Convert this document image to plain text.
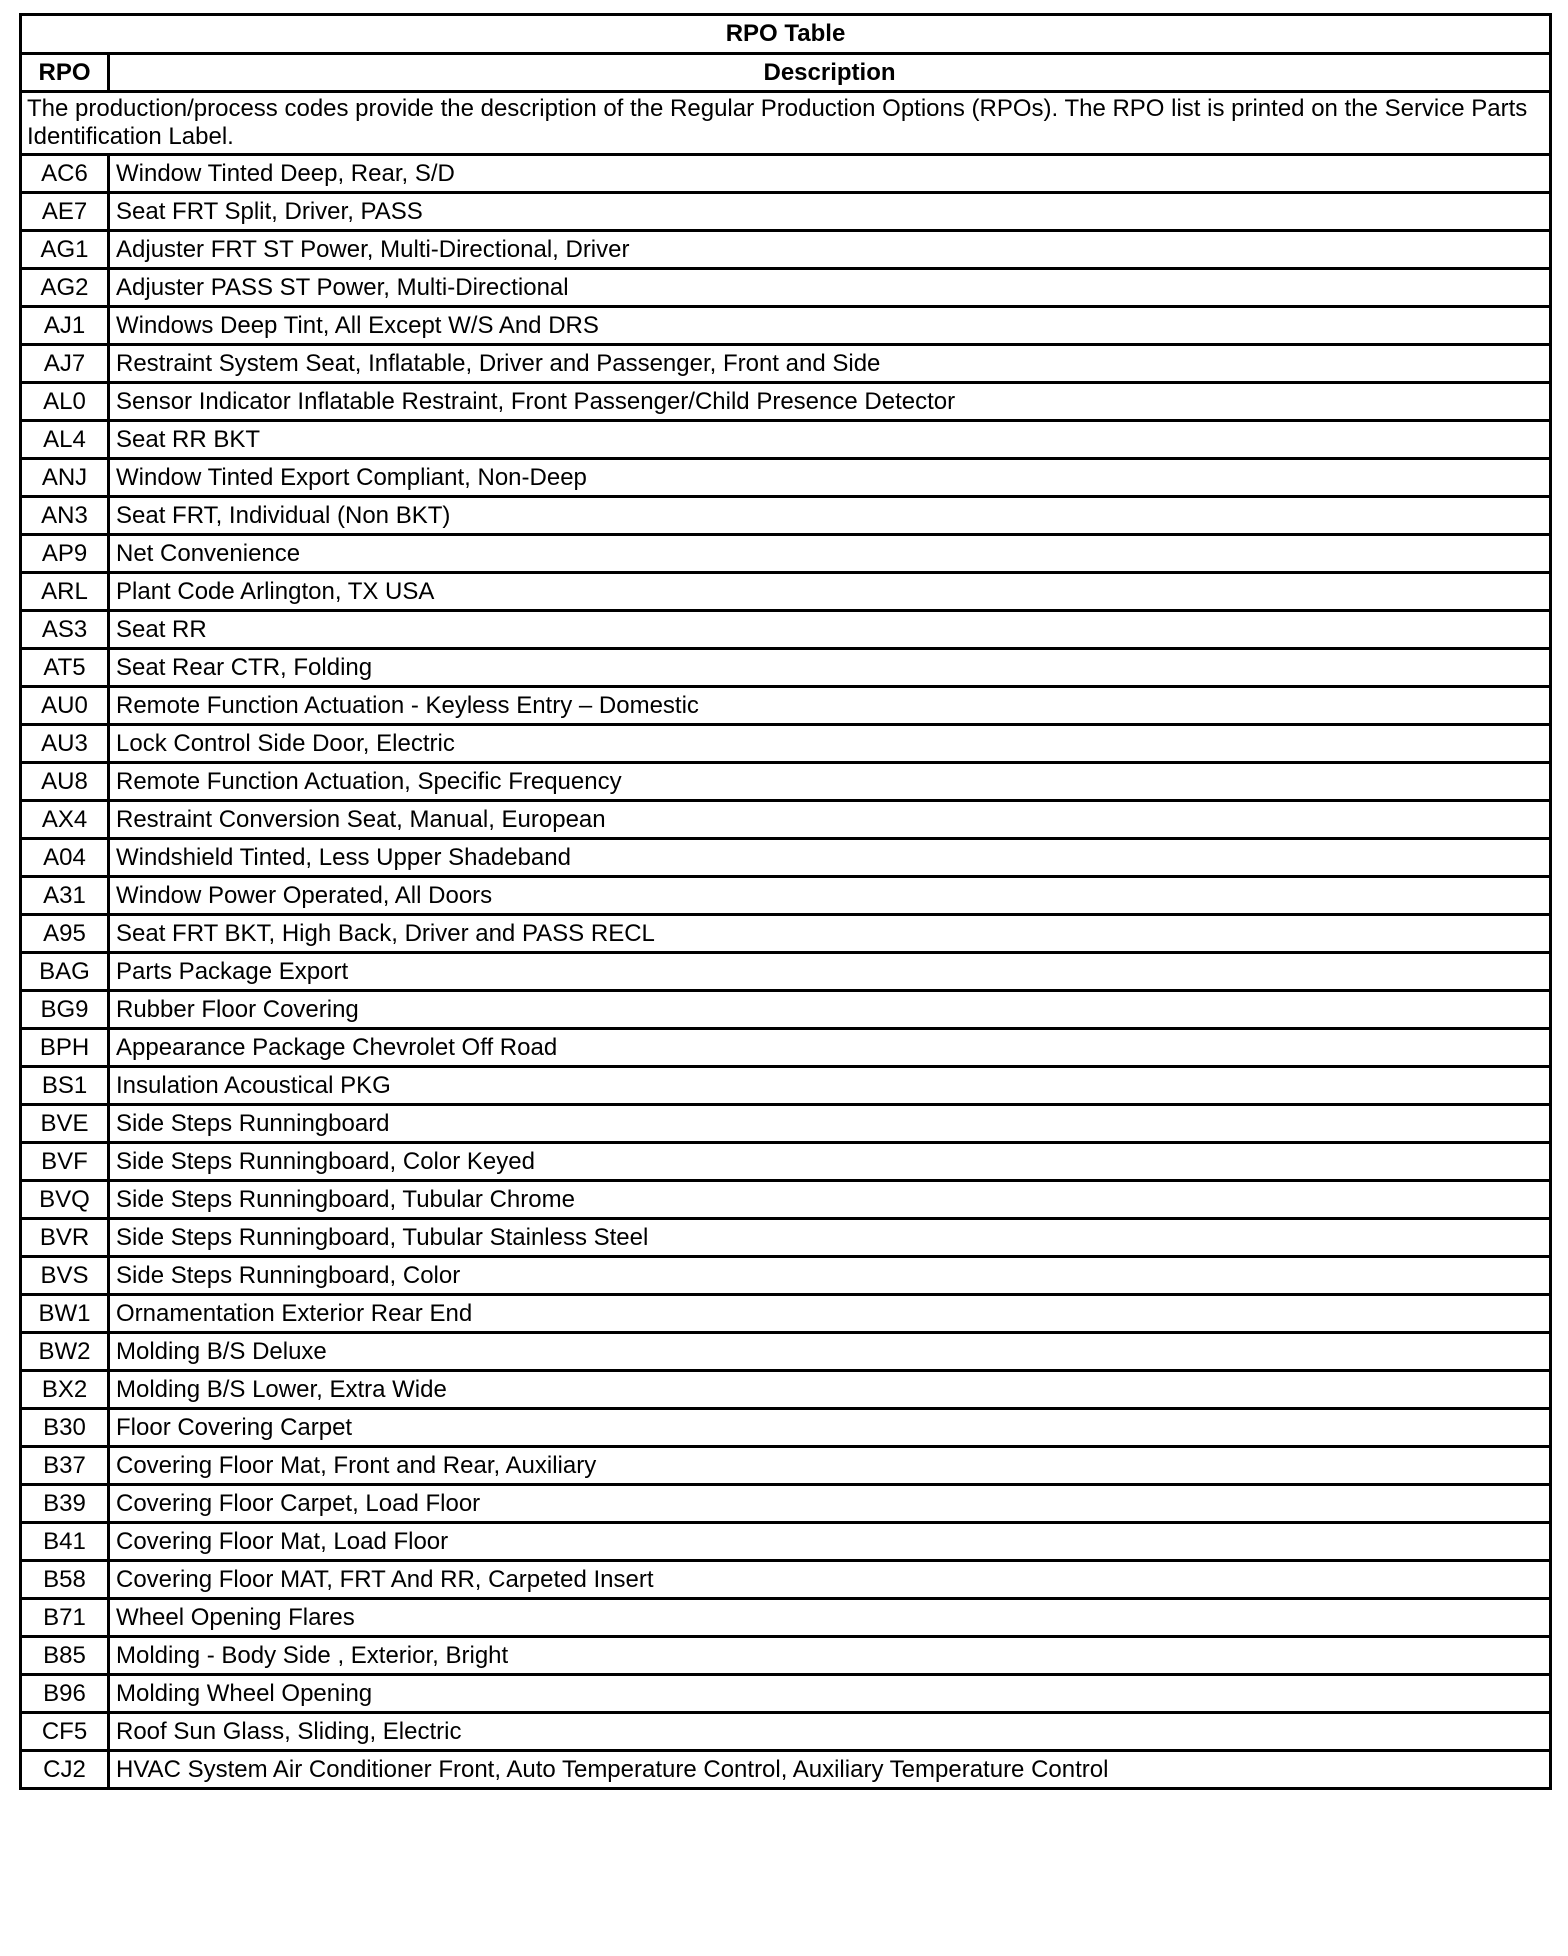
RPO Table	
RPO	Description
The production/process codes provide the description of the Regular Production Options (RPOs). The RPO list is printed on the Service Parts Identification Label.	
AC6	Window Tinted Deep, Rear, S/D
AE7	Seat FRT Split, Driver, PASS
AG1	Adjuster FRT ST Power, Multi-Directional, Driver
AG2	Adjuster PASS ST Power, Multi-Directional
AJ1	Windows Deep Tint, All Except W/S And DRS
AJ7	Restraint System Seat, Inflatable, Driver and Passenger, Front and Side
AL0	Sensor Indicator Inflatable Restraint, Front Passenger/Child Presence Detector
AL4	Seat RR BKT
ANJ	Window Tinted Export Compliant, Non-Deep
AN3	Seat FRT, Individual (Non BKT)
AP9	Net Convenience
ARL	Plant Code Arlington, TX USA
AS3	Seat RR
AT5	Seat Rear CTR, Folding
AU0	Remote Function Actuation - Keyless Entry – Domestic
AU3	Lock Control Side Door, Electric
AU8	Remote Function Actuation, Specific Frequency
AX4	Restraint Conversion Seat, Manual, European
A04	Windshield Tinted, Less Upper Shadeband
A31	Window Power Operated, All Doors
A95	Seat FRT BKT, High Back, Driver and PASS RECL
BAG	Parts Package Export
BG9	Rubber Floor Covering
BPH	Appearance Package Chevrolet Off Road
BS1	Insulation Acoustical PKG
BVE	Side Steps Runningboard
BVF	Side Steps Runningboard, Color Keyed
BVQ	Side Steps Runningboard, Tubular Chrome
BVR	Side Steps Runningboard, Tubular Stainless Steel
BVS	Side Steps Runningboard, Color
BW1	Ornamentation Exterior Rear End
BW2	Molding B/S Deluxe
BX2	Molding B/S Lower, Extra Wide
B30	Floor Covering Carpet
B37	Covering Floor Mat, Front and Rear, Auxiliary
B39	Covering Floor Carpet, Load Floor
B41	Covering Floor Mat, Load Floor
B58	Covering Floor MAT, FRT And RR, Carpeted Insert
B71	Wheel Opening Flares
B85	Molding - Body Side , Exterior, Bright
B96	Molding Wheel Opening
CF5	Roof Sun Glass, Sliding, Electric
CJ2	HVAC System Air Conditioner Front, Auto Temperature Control, Auxiliary Temperature Control
